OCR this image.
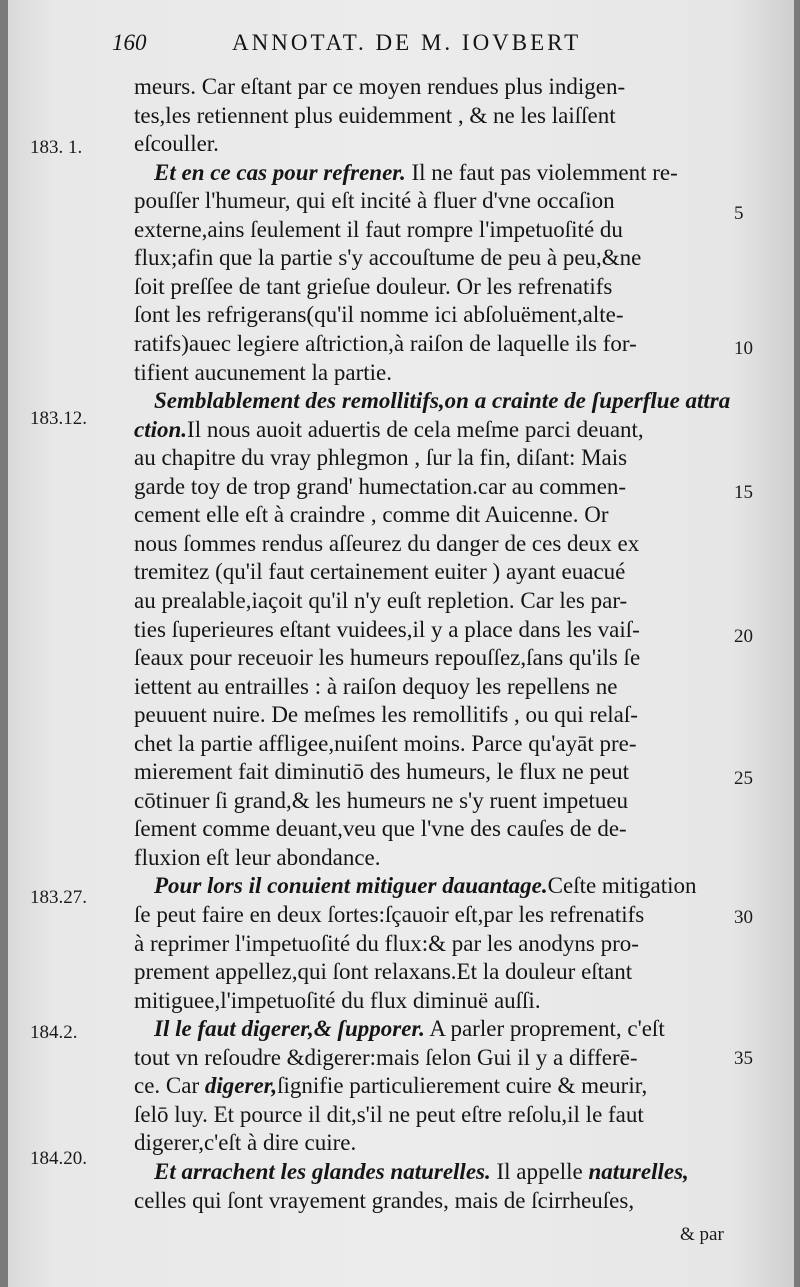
160	ANNOTAT. DE M. IOVBERT
meurs. Car eſtant par ce moyen rendues plus indigen-
tes,les retiennent plus euidemment , & ne les laiſſent
eſcouller.
Et en ce cas pour refrener. Il ne faut pas violemment re-
pouſſer l'humeur, qui eſt incité à fluer d'vne occaſion
externe,ains ſeulement il faut rompre l'impetuoſité du
flux;afin que la partie s'y accouſtume de peu à peu,&ne
ſoit preſſee de tant grieſue douleur. Or les refrenatifs
ſont les refrigerans(qu'il nomme ici abſoluëment,alte-
ratifs)auec legiere aſtriction,à raiſon de laquelle ils for-
tifient aucunement la partie.
Semblablement des remollitifs,on a crainte de ſuperflue attra
ction.Il nous auoit aduertis de cela meſme parci deuant,
au chapitre du vray phlegmon , ſur la fin, diſant: Mais
garde toy de trop grand' humectation.car au commen-
cement elle eſt à craindre , comme dit Auicenne. Or
nous ſommes rendus aſſeurez du danger de ces deux ex
tremitez (qu'il faut certainement euiter ) ayant euacué
au prealable,iaçoit qu'il n'y euſt repletion. Car les par-
ties ſuperieures eſtant vuidees,il y a place dans les vaiſ-
ſeaux pour receuoir les humeurs repouſſez,ſans qu'ils ſe
iettent au entrailles : à raiſon dequoy les repellens ne
peuuent nuire. De meſmes les remollitifs , ou qui relaſ-
chet la partie affligee,nuiſent moins. Parce qu'ayāt pre-
mierement fait diminutiō des humeurs, le flux ne peut
cōtinuer ſi grand,& les humeurs ne s'y ruent impetueu
ſement comme deuant,veu que l'vne des cauſes de de-
fluxion eſt leur abondance.
Pour lors il conuient mitiguer dauantage.Ceſte mitigation
ſe peut faire en deux ſortes:ſçauoir eſt,par les refrenatifs
à reprimer l'impetuoſité du flux:& par les anodyns pro-
prement appellez,qui ſont relaxans.Et la douleur eſtant
mitiguee,l'impetuoſité du flux diminuë auſſi.
Il le faut digerer,& ſupporer. A parler proprement, c'eſt
tout vn reſoudre &digerer:mais ſelon Gui il y a differē-
ce. Car digerer,ſignifie particulierement cuire & meurir,
ſelō luy. Et pource il dit,s'il ne peut eſtre reſolu,il le faut
digerer,c'eſt à dire cuire.
Et arrachent les glandes naturelles. Il appelle naturelles,
celles qui ſont vrayement grandes, mais de ſcirrheuſes,
183. 1.
183.12.
183.27.
184.2.
184.20.
5
10
15
20
25
30
35
& par
